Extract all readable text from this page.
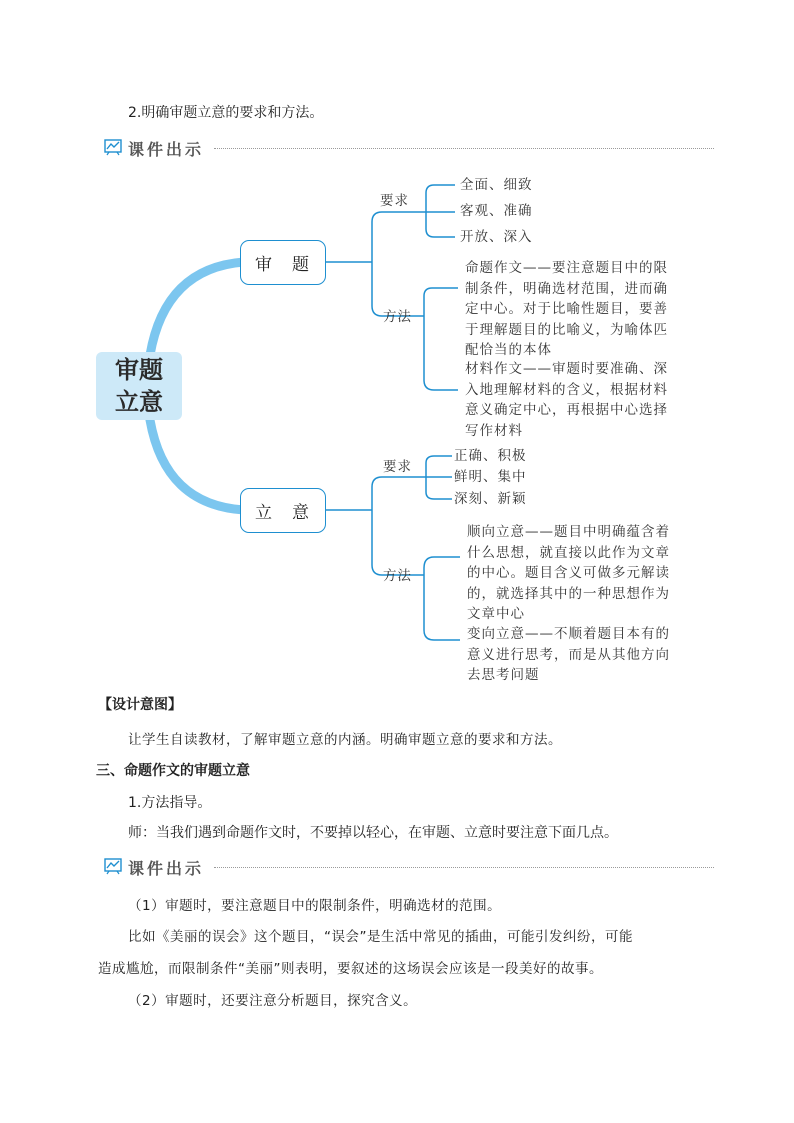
2.明确审题立意的要求和方法。
课件出示
审题
立意
审 题
要求
全面、细致
客观、准确
开放、深入
方法
命题作文——要注意题目中的限
制条件，明确选材范围，进而确
定中心。对于比喻性题目，要善
于理解题目的比喻义，为喻体匹
配恰当的本体
材料作文——审题时要准确、深
入地理解材料的含义，根据材料
意义确定中心，再根据中心选择
写作材料
立 意
要求
正确、积极
鲜明、集中
深刻、新颖
方法
顺向立意——题目中明确蕴含着
什么思想，就直接以此作为文章
的中心。题目含义可做多元解读
的，就选择其中的一种思想作为
文章中心
变向立意——不顺着题目本有的
意义进行思考，而是从其他方向
去思考问题
【设计意图】
让学生自读教材，了解审题立意的内涵。明确审题立意的要求和方法。
三、命题作文的审题立意
1.方法指导。
师：当我们遇到命题作文时，不要掉以轻心，在审题、立意时要注意下面几点。
课件出示
（1）审题时，要注意题目中的限制条件，明确选材的范围。
比如《美丽的误会》这个题目，“误会”是生活中常见的插曲，可能引发纠纷，可能
造成尴尬，而限制条件“美丽”则表明，要叙述的这场误会应该是一段美好的故事。
（2）审题时，还要注意分析题目，探究含义。
